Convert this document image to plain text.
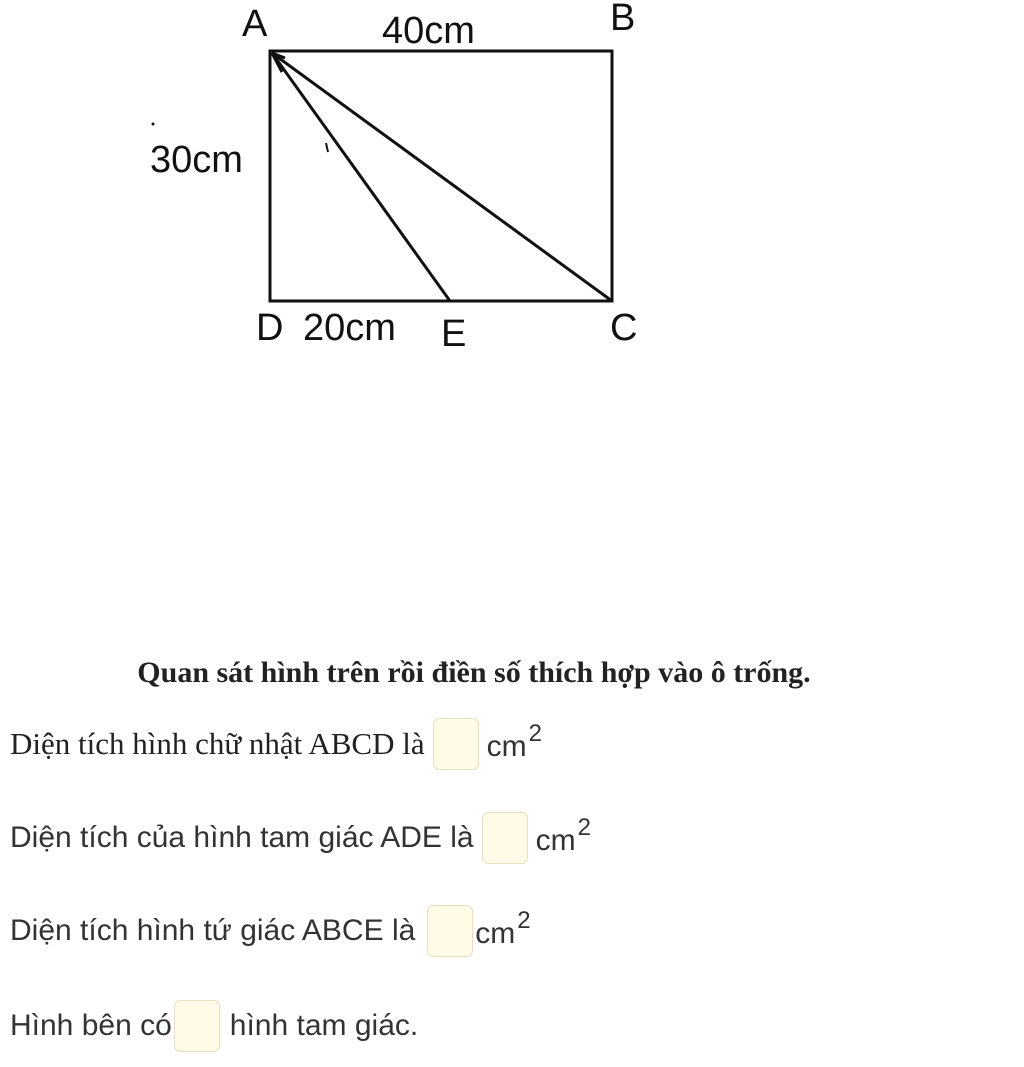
A	B
C
D	E
40cm
30cm
20cm
Quan sát hình trên rồi điền số thích hợp vào ô trống.
Diện tích hình chữ nhật ABCD là $cm^2$
Diện tích của hình tam giác ADE là $cm^2$
Diện tích hình tứ giác ABCE là $cm^2$
Hình bên có hình tam giác.
